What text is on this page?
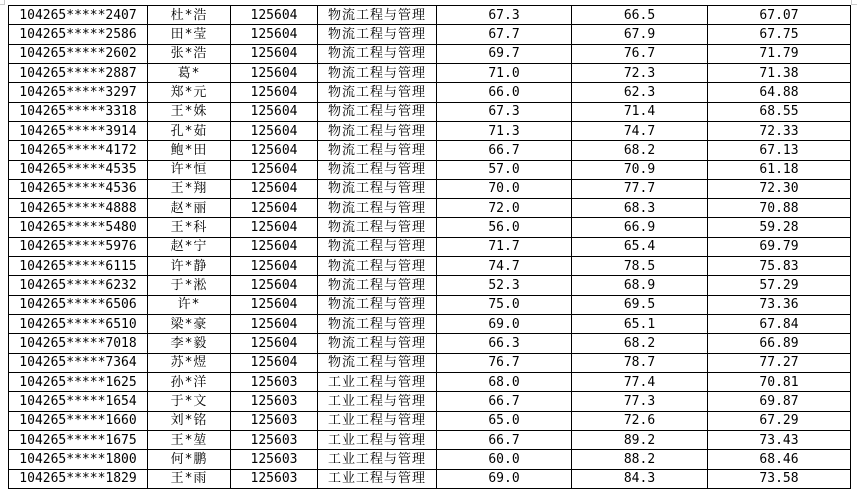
104265*****2407	杜*浩	125604	物流工程与管理	67.3	66.5	67.07
104265*****2586	田*莹	125604	物流工程与管理	67.7	67.9	67.75
104265*****2602	张*浩	125604	物流工程与管理	69.7	76.7	71.79
104265*****2887	葛*	125604	物流工程与管理	71.0	72.3	71.38
104265*****3297	郑*元	125604	物流工程与管理	66.0	62.3	64.88
104265*****3318	王*姝	125604	物流工程与管理	67.3	71.4	68.55
104265*****3914	孔*茹	125604	物流工程与管理	71.3	74.7	72.33
104265*****4172	鲍*田	125604	物流工程与管理	66.7	68.2	67.13
104265*****4535	许*恒	125604	物流工程与管理	57.0	70.9	61.18
104265*****4536	王*翔	125604	物流工程与管理	70.0	77.7	72.30
104265*****4888	赵*丽	125604	物流工程与管理	72.0	68.3	70.88
104265*****5480	王*科	125604	物流工程与管理	56.0	66.9	59.28
104265*****5976	赵*宁	125604	物流工程与管理	71.7	65.4	69.79
104265*****6115	许*静	125604	物流工程与管理	74.7	78.5	75.83
104265*****6232	于*淞	125604	物流工程与管理	52.3	68.9	57.29
104265*****6506	许*	125604	物流工程与管理	75.0	69.5	73.36
104265*****6510	梁*豪	125604	物流工程与管理	69.0	65.1	67.84
104265*****7018	李*毅	125604	物流工程与管理	66.3	68.2	66.89
104265*****7364	苏*煜	125604	物流工程与管理	76.7	78.7	77.27
104265*****1625	孙*洋	125603	工业工程与管理	68.0	77.4	70.81
104265*****1654	于*文	125603	工业工程与管理	66.7	77.3	69.87
104265*****1660	刘*铭	125603	工业工程与管理	65.0	72.6	67.29
104265*****1675	王*堃	125603	工业工程与管理	66.7	89.2	73.43
104265*****1800	何*鹏	125603	工业工程与管理	60.0	88.2	68.46
104265*****1829	王*雨	125603	工业工程与管理	69.0	84.3	73.58
